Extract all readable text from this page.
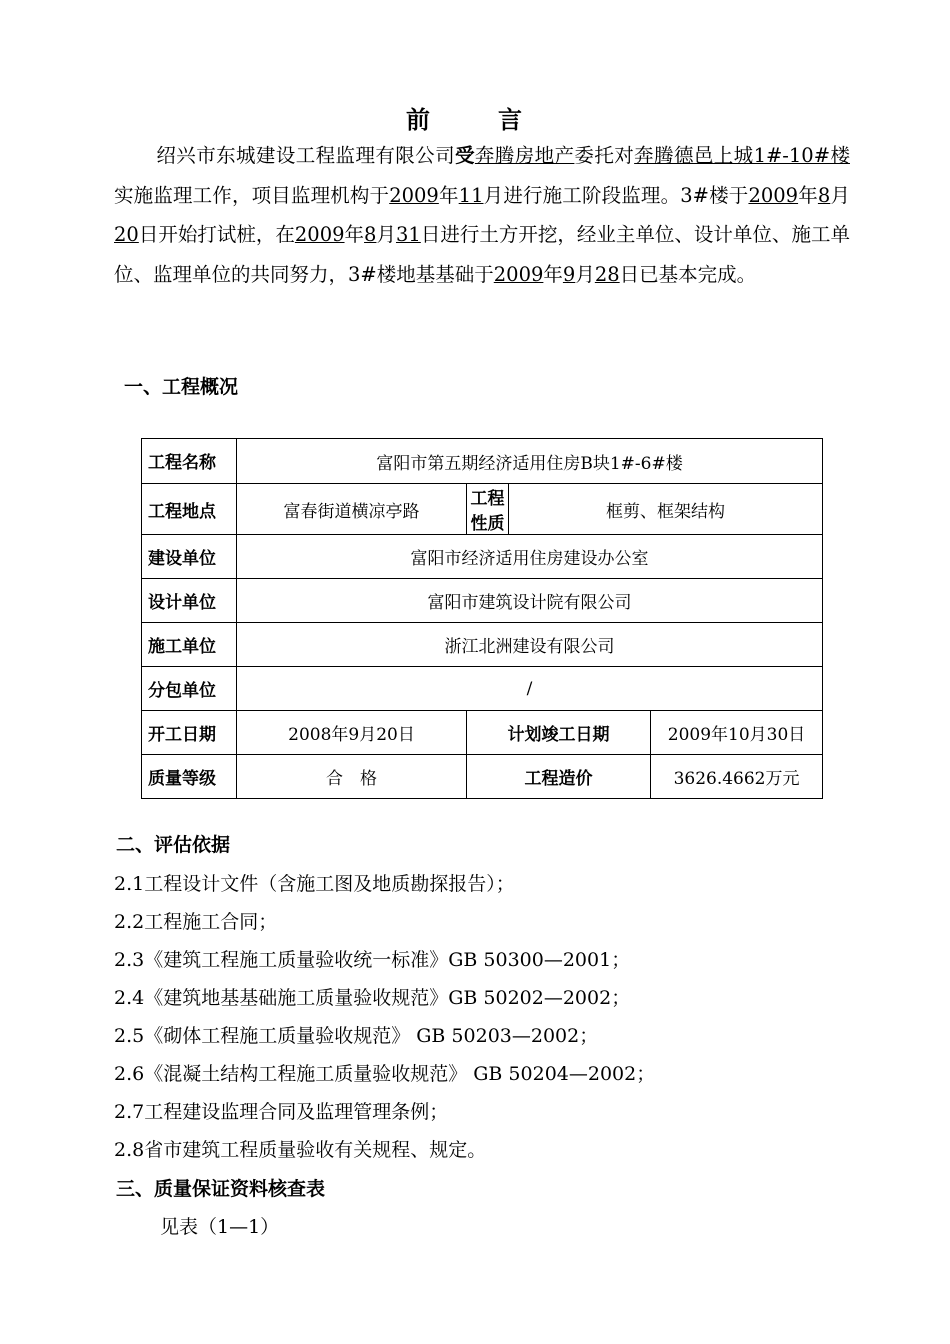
前　言
绍兴市东城建设工程监理有限公司受奔腾房地产委托对奔腾德邑上城1#-10#楼实施监理工作，项目监理机构于2009年11月进行施工阶段监理。3#楼于2009年8月20日开始打试桩，在2009年8月31日进行土方开挖，经业主单位、设计单位、施工单位、监理单位的共同努力，3#楼地基基础于2009年9月28日已基本完成。
一、工程概况
工程名称	富阳市第五期经济适用住房B块1#-6#楼			
工程地点	富春街道横凉亭路	工程性质	框剪、框架结构	
建设单位	富阳市经济适用住房建设办公室			
设计单位	富阳市建筑设计院有限公司			
施工单位	浙江北洲建设有限公司			
分包单位	/			
开工日期	2008年9月20日	计划竣工日期		2009年10月30日
质量等级	合　格	工程造价		3626.4662万元
二、评估依据
2.1工程设计文件（含施工图及地质勘探报告）；
2.2工程施工合同；
2.3《建筑工程施工质量验收统一标准》GB 50300—2001；
2.4《建筑地基基础施工质量验收规范》GB 50202—2002；
2.5《砌体工程施工质量验收规范》 GB 50203—2002；
2.6《混凝土结构工程施工质量验收规范》 GB 50204—2002；
2.7工程建设监理合同及监理管理条例；
2.8省市建筑工程质量验收有关规程、规定。
三、质量保证资料核查表
见表（1—1）
